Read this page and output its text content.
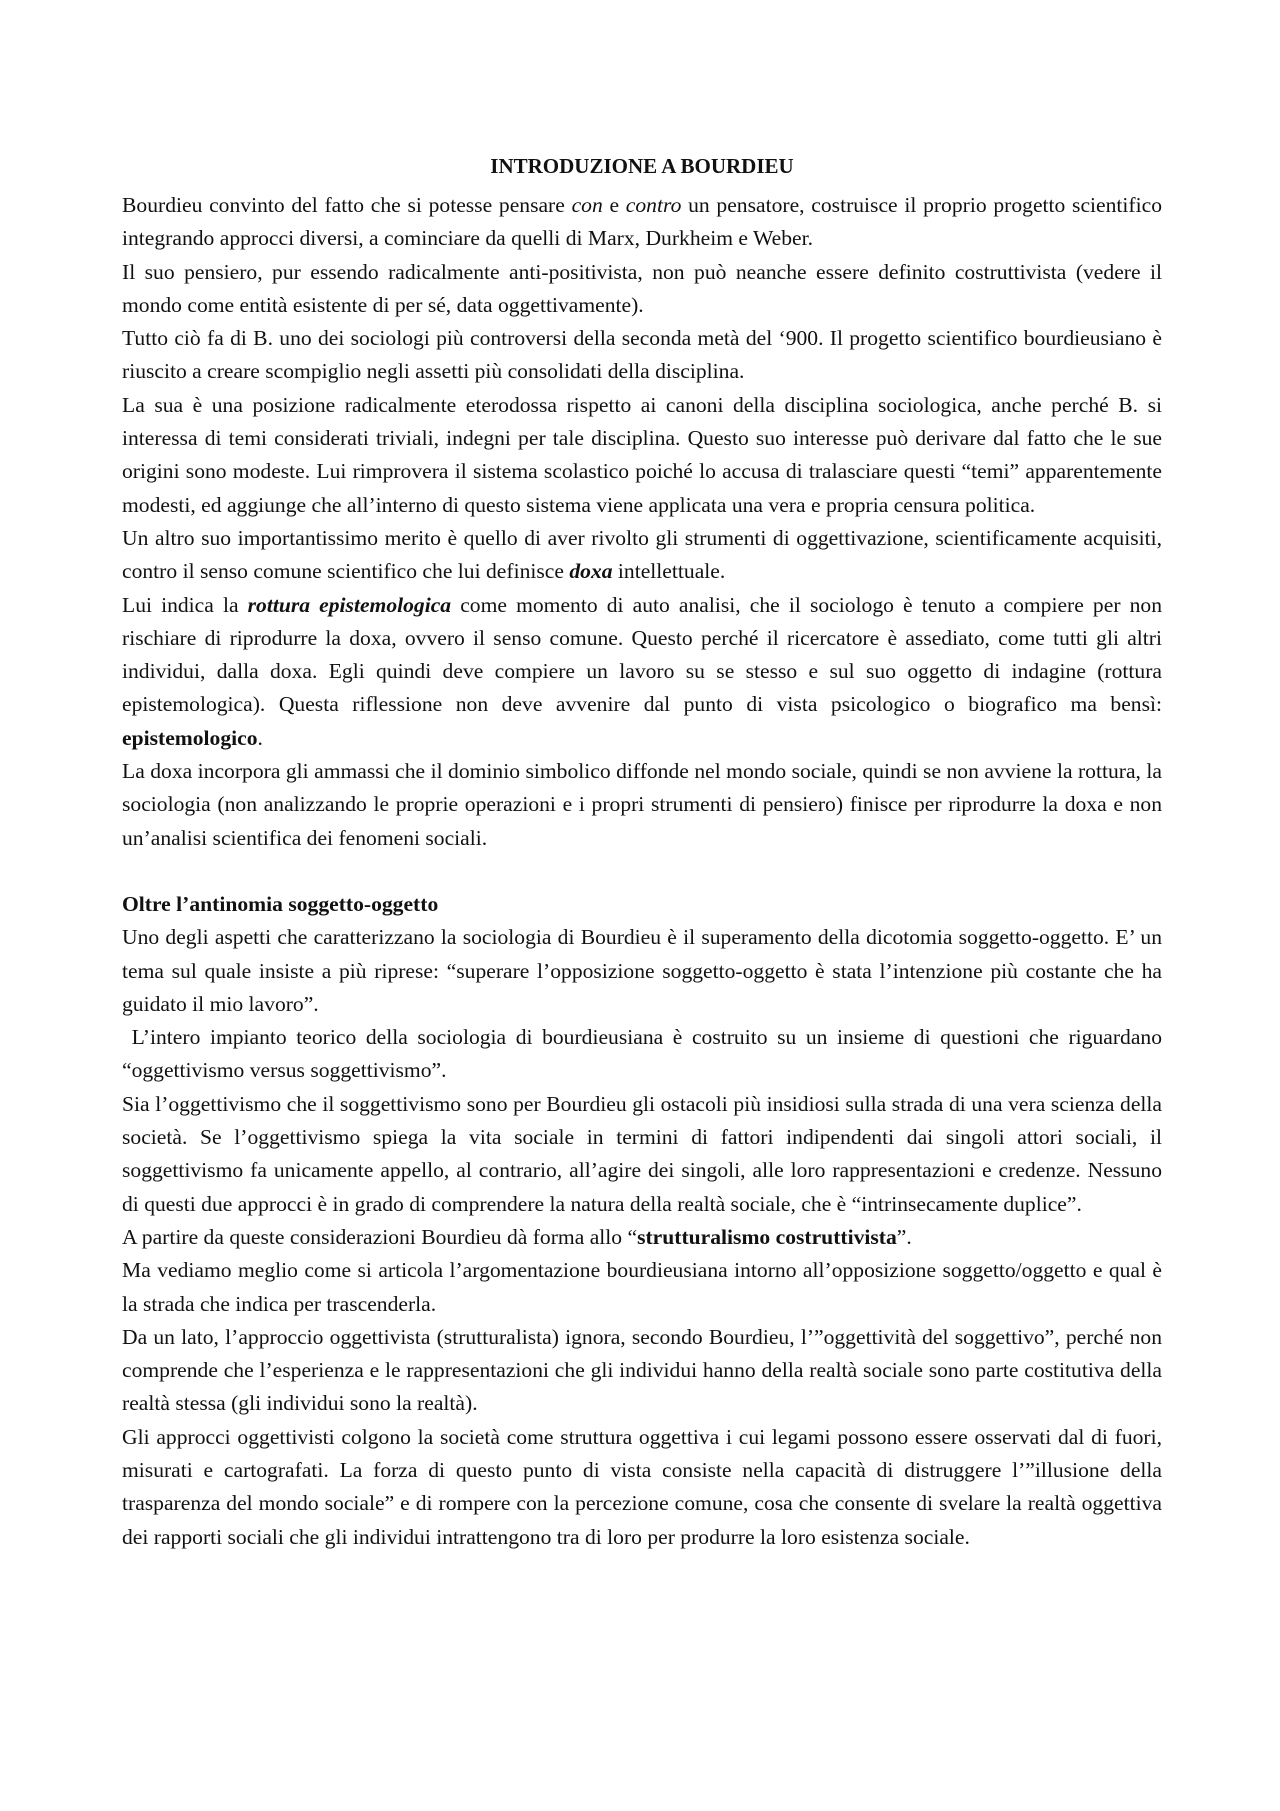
INTRODUZIONE A BOURDIEU

Bourdieu convinto del fatto che si potesse pensare con e contro un pensatore, costruisce il proprio progetto scientifico integrando approcci diversi, a cominciare da quelli di Marx, Durkheim e Weber.

Il suo pensiero, pur essendo radicalmente anti-positivista, non può neanche essere definito costruttivista (vedere il mondo come entità esistente di per sé, data oggettivamente).

Tutto ciò fa di B. uno dei sociologi più controversi della seconda metà del ‘900. Il progetto scientifico bourdieusiano è riuscito a creare scompiglio negli assetti più consolidati della disciplina.

La sua è una posizione radicalmente eterodossa rispetto ai canoni della disciplina sociologica, anche perché B. si interessa di temi considerati triviali, indegni per tale disciplina. Questo suo interesse può derivare dal fatto che le sue origini sono modeste. Lui rimprovera il sistema scolastico poiché lo accusa di tralasciare questi “temi” apparentemente modesti, ed aggiunge che all’interno di questo sistema viene applicata una vera e propria censura politica.

Un altro suo importantissimo merito è quello di aver rivolto gli strumenti di oggettivazione, scientificamente acquisiti, contro il senso comune scientifico che lui definisce doxa intellettuale.

Lui indica la rottura epistemologica come momento di auto analisi, che il sociologo è tenuto a compiere per non rischiare di riprodurre la doxa, ovvero il senso comune. Questo perché il ricercatore è assediato, come tutti gli altri individui, dalla doxa. Egli quindi deve compiere un lavoro su se stesso e sul suo oggetto di indagine (rottura epistemologica). Questa riflessione non deve avvenire dal punto di vista psicologico o biografico ma bensì: epistemologico.

La doxa incorpora gli ammassi che il dominio simbolico diffonde nel mondo sociale, quindi se non avviene la rottura, la sociologia (non analizzando le proprie operazioni e i propri strumenti di pensiero) finisce per riprodurre la doxa e non un’analisi scientifica dei fenomeni sociali.

Oltre l’antinomia soggetto-oggetto

Uno degli aspetti che caratterizzano la sociologia di Bourdieu è il superamento della dicotomia soggetto-oggetto. E’ un tema sul quale insiste a più riprese: “superare l’opposizione soggetto-oggetto è stata l’intenzione più costante che ha guidato il mio lavoro”.

L’intero impianto teorico della sociologia di bourdieusiana è costruito su un insieme di questioni che riguardano “oggettivismo versus soggettivismo”.

Sia l’oggettivismo che il soggettivismo sono per Bourdieu gli ostacoli più insidiosi sulla strada di una vera scienza della società. Se l’oggettivismo spiega la vita sociale in termini di fattori indipendenti dai singoli attori sociali, il soggettivismo fa unicamente appello, al contrario, all’agire dei singoli, alle loro rappresentazioni e credenze. Nessuno di questi due approcci è in grado di comprendere la natura della realtà sociale, che è “intrinsecamente duplice”.

A partire da queste considerazioni Bourdieu dà forma allo “strutturalismo costruttivista”.

Ma vediamo meglio come si articola l’argomentazione bourdieusiana intorno all’opposizione soggetto/oggetto e qual è la strada che indica per trascenderla.

Da un lato, l’approccio oggettivista (strutturalista) ignora, secondo Bourdieu, l’”oggettività del soggettivo”, perché non comprende che l’esperienza e le rappresentazioni che gli individui hanno della realtà sociale sono parte costitutiva della realtà stessa (gli individui sono la realtà).

Gli approcci oggettivisti colgono la società come struttura oggettiva i cui legami possono essere osservati dal di fuori, misurati e cartografati. La forza di questo punto di vista consiste nella capacità di distruggere l’”illusione della trasparenza del mondo sociale” e di rompere con la percezione comune, cosa che consente di svelare la realtà oggettiva dei rapporti sociali che gli individui intrattengono tra di loro per produrre la loro esistenza sociale.
